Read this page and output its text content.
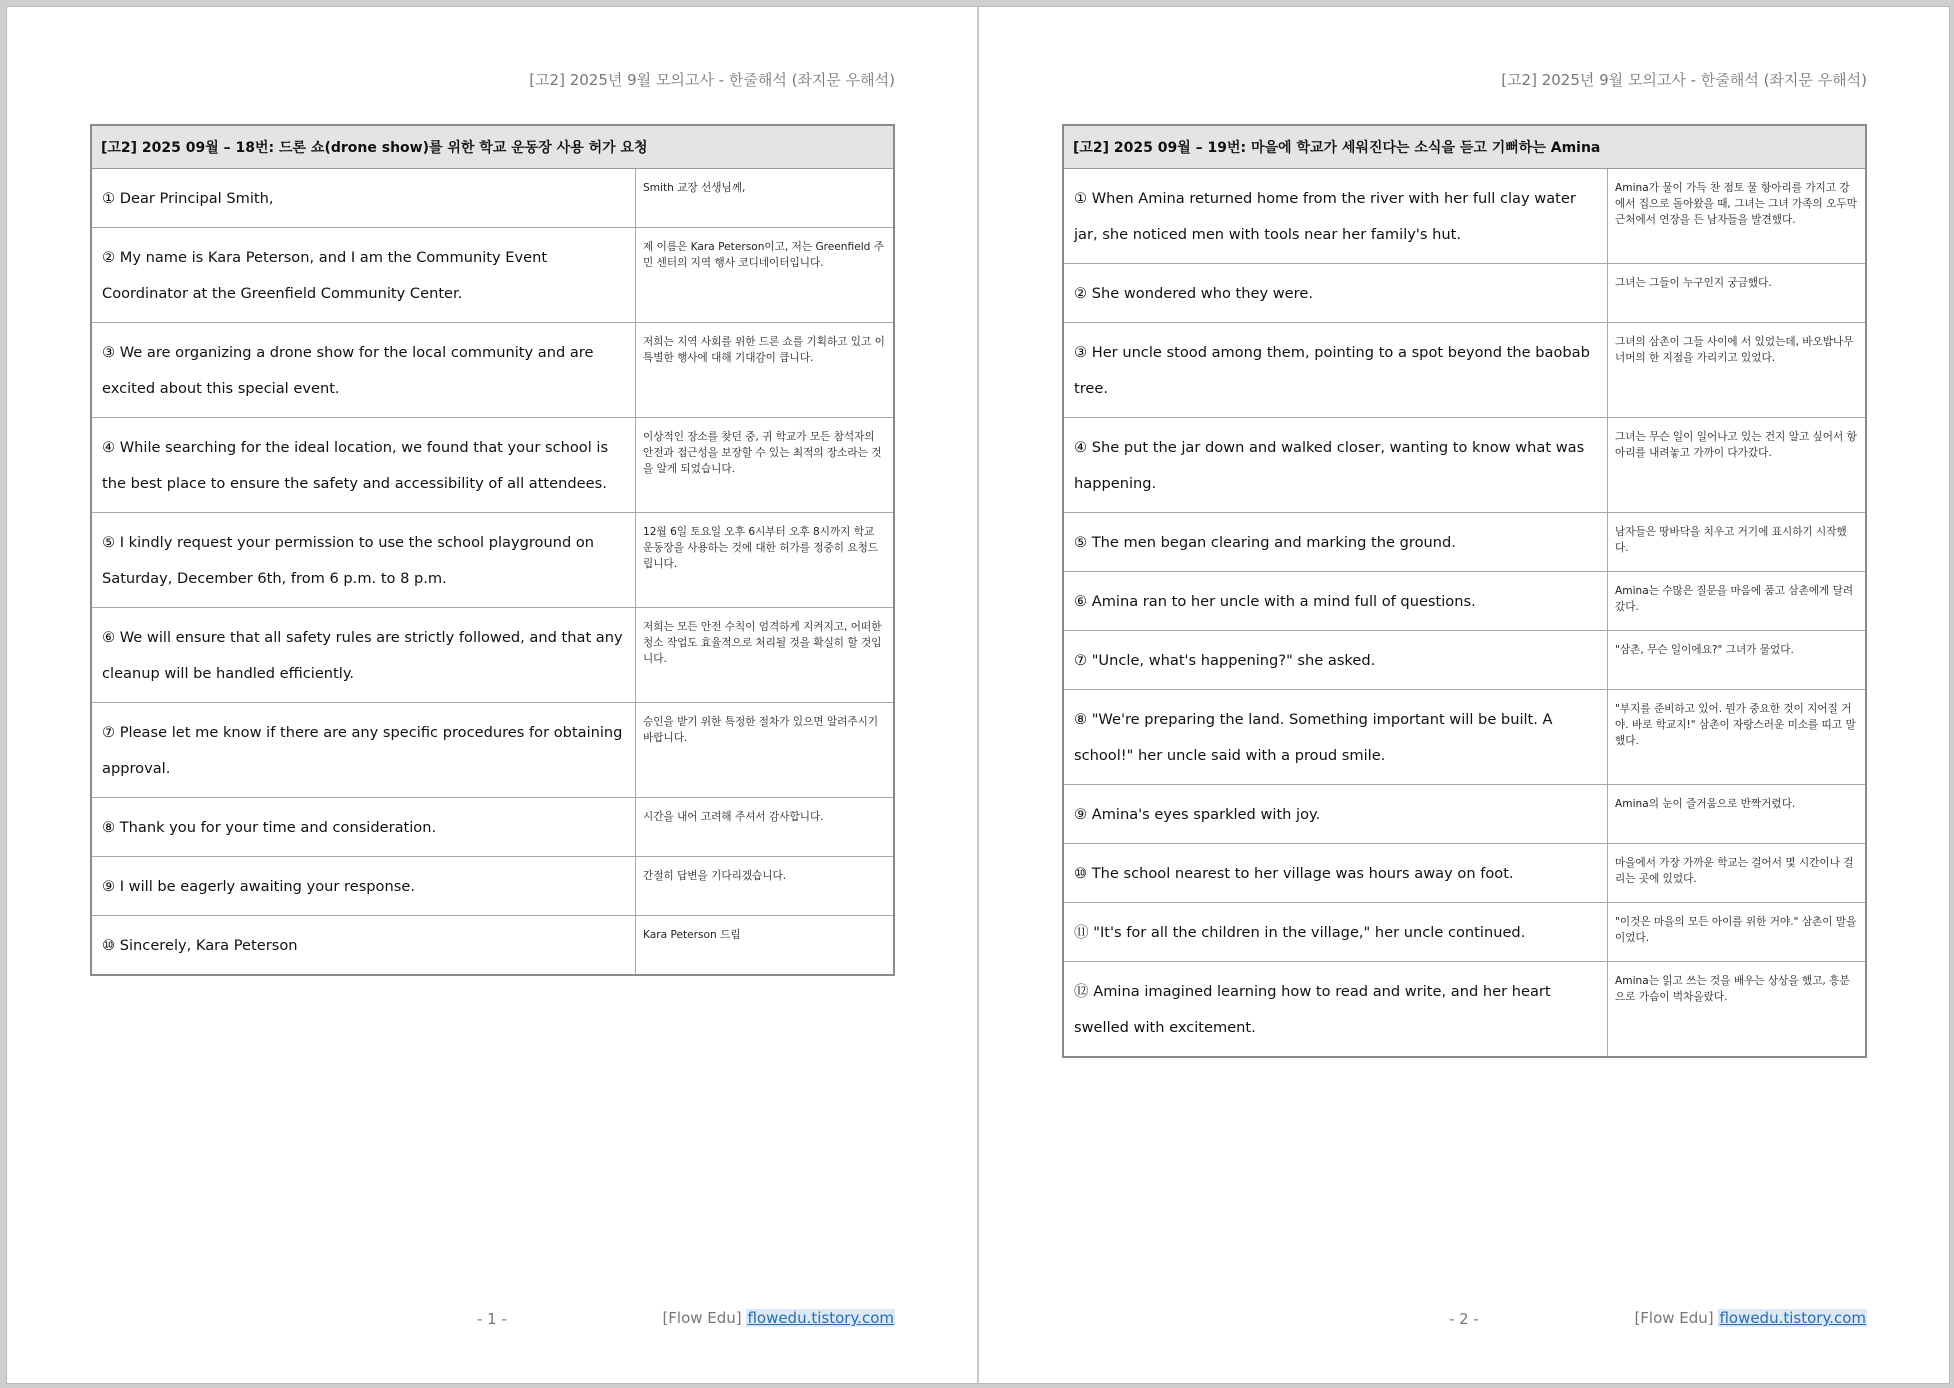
[고2] 2025년 9월 모의고사 - 한줄해석 (좌지문 우해석)
[고2] 2025 09월 – 18번: 드론 쇼(drone show)를 위한 학교 운동장 사용 허가 요청
① Dear Principal Smith,
Smith 교장 선생님께,
② My name is Kara Peterson, and I am the Community Event Coordinator at the Greenfield Community Center.
제 이름은 Kara Peterson이고, 저는 Greenfield 주민 센터의 지역 행사 코디네이터입니다.
③ We are organizing a drone show for the local community and are excited about this special event.
저희는 지역 사회를 위한 드론 쇼를 기획하고 있고 이 특별한 행사에 대해 기대감이 큽니다.
④ While searching for the ideal location, we found that your school is the best place to ensure the safety and accessibility of all attendees.
이상적인 장소를 찾던 중, 귀 학교가 모든 참석자의 안전과 접근성을 보장할 수 있는 최적의 장소라는 것을 알게 되었습니다.
⑤ I kindly request your permission to use the school playground on Saturday, December 6th, from 6 p.m. to 8 p.m.
12월 6일 토요일 오후 6시부터 오후 8시까지 학교 운동장을 사용하는 것에 대한 허가를 정중히 요청드립니다.
⑥ We will ensure that all safety rules are strictly followed, and that any cleanup will be handled efficiently.
저희는 모든 안전 수칙이 엄격하게 지켜지고, 어떠한 청소 작업도 효율적으로 처리될 것을 확실히 할 것입니다.
⑦ Please let me know if there are any specific procedures for obtaining approval.
승인을 받기 위한 특정한 절차가 있으면 알려주시기 바랍니다.
⑧ Thank you for your time and consideration.
시간을 내어 고려해 주셔서 감사합니다.
⑨ I will be eagerly awaiting your response.
간절히 답변을 기다리겠습니다.
⑩ Sincerely, Kara Peterson
Kara Peterson 드림
- 1 -	[Flow Edu] flowedu.tistory.com
[고2] 2025년 9월 모의고사 - 한줄해석 (좌지문 우해석)
[고2] 2025 09월 – 19번: 마을에 학교가 세워진다는 소식을 듣고 기뻐하는 Amina
① When Amina returned home from the river with her full clay water jar, she noticed men with tools near her family's hut.
Amina가 물이 가득 찬 점토 물 항아리를 가지고 강에서 집으로 돌아왔을 때, 그녀는 그녀 가족의 오두막 근처에서 연장을 든 남자들을 발견했다.
② She wondered who they were.
그녀는 그들이 누구인지 궁금했다.
③ Her uncle stood among them, pointing to a spot beyond the baobab tree.
그녀의 삼촌이 그들 사이에 서 있었는데, 바오밥나무 너머의 한 지점을 가리키고 있었다.
④ She put the jar down and walked closer, wanting to know what was happening.
그녀는 무슨 일이 일어나고 있는 건지 알고 싶어서 항아리를 내려놓고 가까이 다가갔다.
⑤ The men began clearing and marking the ground.
남자들은 땅바닥을 치우고 거기에 표시하기 시작했다.
⑥ Amina ran to her uncle with a mind full of questions.
Amina는 수많은 질문을 마음에 품고 삼촌에게 달려갔다.
⑦ "Uncle, what's happening?" she asked.
"삼촌, 무슨 일이에요?" 그녀가 물었다.
⑧ "We're preparing the land. Something important will be built. A school!" her uncle said with a proud smile.
"부지를 준비하고 있어. 뭔가 중요한 것이 지어질 거야. 바로 학교지!" 삼촌이 자랑스러운 미소를 띠고 말했다.
⑨ Amina's eyes sparkled with joy.
Amina의 눈이 즐거움으로 반짝거렸다.
⑩ The school nearest to her village was hours away on foot.
마을에서 가장 가까운 학교는 걸어서 몇 시간이나 걸리는 곳에 있었다.
⑪ "It's for all the children in the village," her uncle continued.
"이것은 마을의 모든 아이를 위한 거야." 삼촌이 말을 이었다.
⑫ Amina imagined learning how to read and write, and her heart swelled with excitement.
Amina는 읽고 쓰는 것을 배우는 상상을 했고, 흥분으로 가슴이 벅차올랐다.
- 2 -	[Flow Edu] flowedu.tistory.com
